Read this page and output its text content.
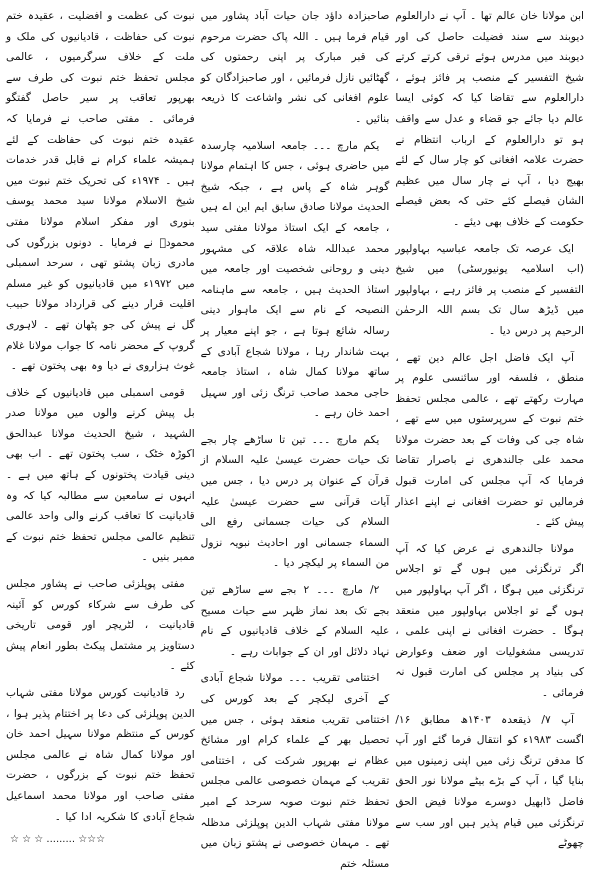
ابن مولانا خان عالم تھا ۔ آپ نے دارالعلوم دیوبند سے سند فضیلت حاصل کی اور دیوبند میں مدرس ہوئے ترقی کرتے کرتے شیخ التفسیر کے منصب پر فائز ہوئے ، دارالعلوم سے تقاضا کیا کہ کوئی ایسا عالم دیا جائے جو قضاء و عدل سے واقف ہو تو دارالعلوم کے ارباب انتظام نے حضرت علامہ افغانی کو چار سال کے لئے بھیج دیا ، آپ نے چار سال میں عظیم الشان فیصلے کئے حتی کہ بعض فیصلے حکومت کے خلاف بھی دیئے ۔

ایک عرصہ تک جامعہ عباسیہ بہاولپور (اب اسلامیہ یونیورسٹی) میں شیخ التفسیر کے منصب پر فائز رہے ، بہاولپور میں ڈیڑھ سال تک بسم اللہ الرحمٰن الرحیم پر درس دیا ۔

آپ ایک فاضل اجل عالم دین تھے ، منطق ، فلسفہ اور سائنسی علوم پر مہارت رکھتے تھے ، عالمی مجلس تحفظ ختم نبوت کے سرپرستوں میں سے تھے ، شاہ جی کی وفات کے بعد حضرت مولانا محمد علی جالندھری نے باصرار تقاضا فرمایا کہ آپ مجلس کی امارت قبول فرمالیں تو حضرت افغانی نے اپنے اعذار پیش کئے ۔

مولانا جالندھری نے عرض کیا کہ آپ اگر ترنگزئی میں ہوں گے تو اجلاس ترنگزئی میں ہوگا ، اگر آپ بہاولپور میں ہوں گے تو اجلاس بہاولپور میں منعقد ہوگا ۔ حضرت افغانی نے اپنی علمی ، تدریسی مشغولیات اور ضعف وعوارض کی بنیاد پر مجلس کی امارت قبول نہ فرمائی ۔

آپ ۷/ ذیقعدہ ۱۴۰۳ھ مطابق ۱۶/ اگست ۱۹۸۳ء کو انتقال فرما گئے اور آپ کا مدفن ترنگ زئی میں اپنی زمینوں میں بنایا گیا ، آپ کے بڑے بیٹے مولانا نور الحق فاضل ڈابھیل دوسرے مولانا فیض الحق ترنگزئی میں قیام پذیر ہیں اور سب سے چھوٹے

صاحبزادہ داؤد جان حیات آباد پشاور میں قیام فرما ہیں ۔ اللہ پاک حضرت مرحوم کی قبر مبارک پر اپنی رحمتوں کی گھٹائیں نازل فرمائیں ، اور صاحبزادگان کو علوم افغانی کی نشر واشاعت کا ذریعہ بنائیں ۔

یکم مارچ ۔۔۔ جامعہ اسلامیہ چارسدہ میں حاضری ہوئی ، جس کا اہتمام مولانا گوہر شاہ کے پاس ہے ، جبکہ شیخ الحدیث مولانا صادق سابق ایم این اے ہیں ، جامعہ کے ایک استاذ مولانا مفتی سید محمد عبداللہ شاہ علاقہ کی مشہور دینی و روحانی شخصیت اور جامعہ میں استاذ الحدیث ہیں ، جامعہ سے ماہنامہ النصیحہ کے نام سے ایک ماہوار دینی رسالہ شائع ہوتا ہے ، جو اپنے معیار پر بہت شاندار رہا ، مولانا شجاع آبادی کے ساتھ مولانا کمال شاہ ، استاذ جامعہ حاجی محمد صاحب ترنگ زئی اور سہیل احمد خان رہے ۔

یکم مارچ ۔۔۔ تین تا ساڑھے چار بجے تک حیات حضرت عیسیٰ علیہ السلام از قرآن کے عنوان پر درس دیا ، جس میں آیات قرآنی سے حضرت عیسیٰ علیہ السلام کی حیات جسمانی رفع الی السماء جسمانی اور احادیث نبویہ نزول من السماء پر لیکچر دیا ۔

۲/ مارچ ۔۔۔ ۲ بجے سے ساڑھے تین بجے تک بعد نماز ظہر سے حیات مسیح علیہ السلام کے خلاف قادیانیوں کے نام نہاد دلائل اور ان کے جوابات رہے ۔

اختتامی تقریب ۔۔۔ مولانا شجاع آبادی کے آخری لیکچر کے بعد کورس کی اختتامی تقریب منعقد ہوئی ، جس میں تحصیل بھر کے علماء کرام اور مشائخ عظام نے بھرپور شرکت کی ، اختتامی تقریب کے مہمان خصوصی عالمی مجلس تحفظ ختم نبوت صوبہ سرحد کے امیر مولانا مفتی شہاب الدین پوپلزئی مدظلہ تھے ۔ مہمان خصوصی نے پشتو زبان میں مسئلہ ختم

نبوت کی عظمت و افضلیت ، عقیدہ ختم نبوت کی حفاظت ، قادیانیوں کی ملک و ملت کے خلاف سرگرمیوں ، عالمی مجلس تحفظ ختم نبوت کی طرف سے بھرپور تعاقب پر سیر حاصل گفتگو فرمائی ۔ مفتی صاحب نے فرمایا کہ عقیدہ ختم نبوت کی حفاظت کے لئے ہمیشہ علماء کرام نے قابل قدر خدمات ہیں ۔ ۱۹۷۴ء کی تحریک ختم نبوت میں شیخ الاسلام مولانا سید محمد یوسف بنوری اور مفکر اسلام مولانا مفتی محمودؒ نے فرمایا ۔ دونوں بزرگوں کی مادری زبان پشتو تھی ، سرحد اسمبلی میں ۱۹۷۲ء میں قادیانیوں کو غیر مسلم اقلیت قرار دینے کی قرارداد مولانا حبیب گل نے پیش کی جو پٹھان تھے ۔ لاہوری گروپ کے محضر نامہ کا جواب مولانا غلام غوث ہزاروی نے دیا وہ بھی پختون تھے ۔

قومی اسمبلی میں قادیانیوں کے خلاف بل پیش کرنے والوں میں مولانا صدر الشہید ، شیخ الحدیث مولانا عبدالحق اکوڑہ خٹک ، سب پختون تھے ۔ اب بھی دینی قیادت پختونوں کے ہاتھ میں ہے ۔ انہوں نے سامعین سے مطالبہ کیا کہ وہ قادیانیت کا تعاقب کرنے والی واحد عالمی تنظیم عالمی مجلس تحفظ ختم نبوت کے ممبر بنیں ۔

مفتی پوپلزئی صاحب نے پشاور مجلس کی طرف سے شرکاء کورس کو آئینہ قادیانیت ، لٹریچر اور قومی تاریخی دستاویز پر مشتمل پیکٹ بطور انعام پیش کئے ۔

رد قادیانیت کورس مولانا مفتی شہاب الدین پوپلزئی کی دعا پر اختتام پذیر ہوا ، کورس کے منتظم مولانا سہیل احمد خان اور مولانا کمال شاہ نے عالمی مجلس تحفظ ختم نبوت کے بزرگوں ، حضرت مفتی صاحب اور مولانا محمد اسماعیل شجاع آبادی کا شکریہ ادا کیا ۔

☆ ☆ ☆ ......... ☆☆☆
